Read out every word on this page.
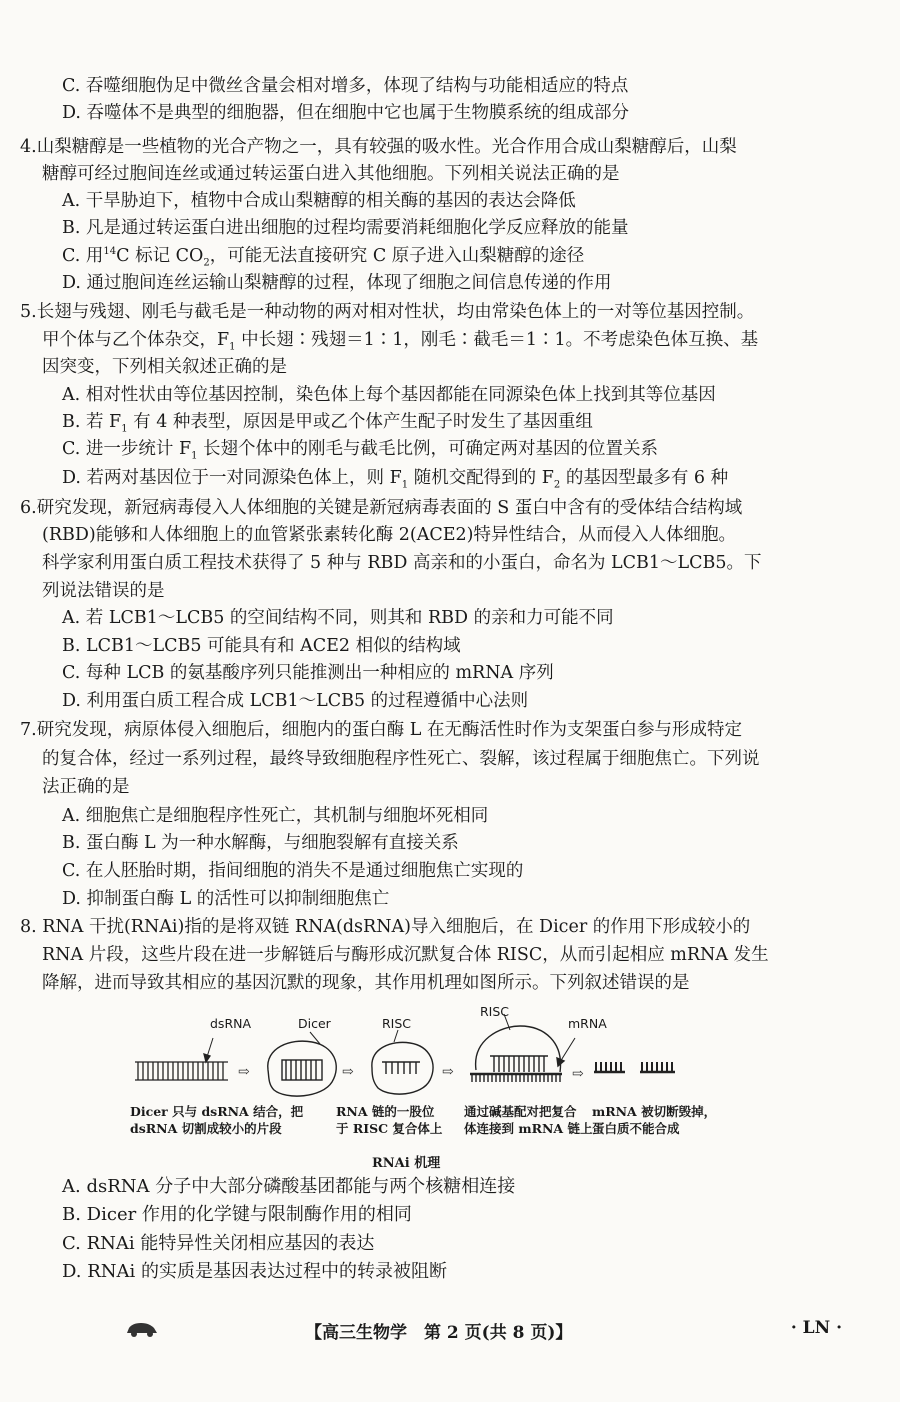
C. 吞噬细胞伪足中微丝含量会相对增多，体现了结构与功能相适应的特点
D. 吞噬体不是典型的细胞器，但在细胞中它也属于生物膜系统的组成部分
4.山梨糖醇是一些植物的光合产物之一，具有较强的吸水性。光合作用合成山梨糖醇后，山梨
糖醇可经过胞间连丝或通过转运蛋白进入其他细胞。下列相关说法正确的是
A. 干旱胁迫下，植物中合成山梨糖醇的相关酶的基因的表达会降低
B. 凡是通过转运蛋白进出细胞的过程均需要消耗细胞化学反应释放的能量
C. 用$^{14}$C 标记 $CO_2$，可能无法直接研究 C 原子进入山梨糖醇的途径
D. 通过胞间连丝运输山梨糖醇的过程，体现了细胞之间信息传递的作用
5.长翅与残翅、刚毛与截毛是一种动物的两对相对性状，均由常染色体上的一对等位基因控制。
甲个体与乙个体杂交，$F_1$ 中长翅∶残翅＝1∶1，刚毛∶截毛＝1∶1。不考虑染色体互换、基
因突变，下列相关叙述正确的是
A. 相对性状由等位基因控制，染色体上每个基因都能在同源染色体上找到其等位基因
B. 若 $F_1$ 有 4 种表型，原因是甲或乙个体产生配子时发生了基因重组
C. 进一步统计 $F_1$ 长翅个体中的刚毛与截毛比例，可确定两对基因的位置关系
D. 若两对基因位于一对同源染色体上，则 $F_1$ 随机交配得到的 $F_2$ 的基因型最多有 6 种
6.研究发现，新冠病毒侵入人体细胞的关键是新冠病毒表面的 S 蛋白中含有的受体结合结构域
(RBD)能够和人体细胞上的血管紧张素转化酶 2(ACE2)特异性结合，从而侵入人体细胞。
科学家利用蛋白质工程技术获得了 5 种与 RBD 高亲和的小蛋白，命名为 LCB1～LCB5。下
列说法错误的是
A. 若 LCB1～LCB5 的空间结构不同，则其和 RBD 的亲和力可能不同
B. LCB1～LCB5 可能具有和 ACE2 相似的结构域
C. 每种 LCB 的氨基酸序列只能推测出一种相应的 mRNA 序列
D. 利用蛋白质工程合成 LCB1～LCB5 的过程遵循中心法则
7.研究发现，病原体侵入细胞后，细胞内的蛋白酶 L 在无酶活性时作为支架蛋白参与形成特定
的复合体，经过一系列过程，最终导致细胞程序性死亡、裂解，该过程属于细胞焦亡。下列说
法正确的是
A. 细胞焦亡是细胞程序性死亡，其机制与细胞坏死相同
B. 蛋白酶 L 为一种水解酶，与细胞裂解有直接关系
C. 在人胚胎时期，指间细胞的消失不是通过细胞焦亡实现的
D. 抑制蛋白酶 L 的活性可以抑制细胞焦亡
8. RNA 干扰(RNAi)指的是将双链 RNA(dsRNA)导入细胞后，在 Dicer 的作用下形成较小的
RNA 片段，这些片段在进一步解链后与酶形成沉默复合体 RISC，从而引起相应 mRNA 发生
降解，进而导致其相应的基因沉默的现象，其作用机理如图所示。下列叙述错误的是
⇨	⇨	⇨	⇨
dsRNA	Dicer	RISC
RISC
mRNA
Dicer 只与 dsRNA 结合，把
dsRNA 切割成较小的片段
RNA 链的一股位
于 RISC 复合体上
通过碱基配对把复合
体连接到 mRNA 链上
mRNA 被切断毁掉，
蛋白质不能合成
RNAi 机理
A. dsRNA 分子中大部分磷酸基团都能与两个核糖相连接
B. Dicer 作用的化学键与限制酶作用的相同
C. RNAi 能特异性关闭相应基因的表达
D. RNAi 的实质是基因表达过程中的转录被阻断
【高三生物学　第 2 页(共 8 页)】	· LN ·
